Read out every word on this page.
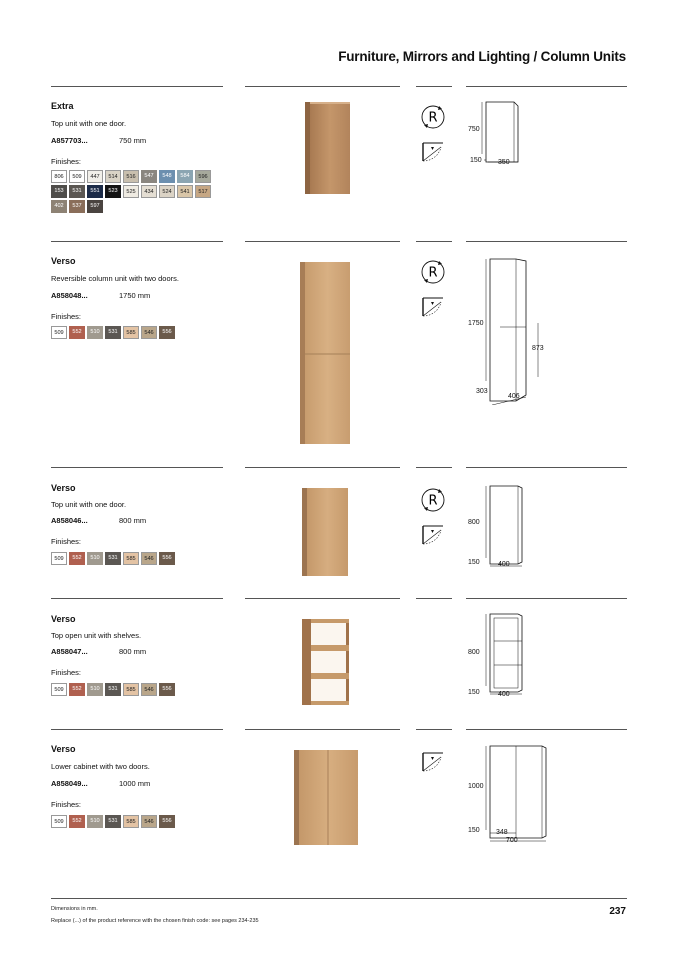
Furniture, Mirrors and Lighting / Column Units
Extra
Top unit with one door.
A857703...	750 mm
Finishes:
806	509	447	514	516	547	548	584	596
153	531	551	523	525	434	524	541	517
402	537	597
R
750
150 350
Verso
Reversible column unit with two doors.
A858048...	1750 mm
Finishes:
509	552	510	531	585	546	556
R
1750
873
303
406
Verso
Top unit with one door.
A858046...	800 mm
Finishes:
509	552	510	531	585	546	556
R
800
150	400
Verso
Top open unit with shelves.
A858047...	800 mm
Finishes:
509	552	510	531	585	546	556
800
150	400
Verso
Lower cabinet with two doors.
A858049...	1000 mm
Finishes:
509	552	510	531	585	546	556
1000
150 348
700
Dimensions in mm.
Replace (...) of the product reference with the chosen finish code: see pages 234-235
237
